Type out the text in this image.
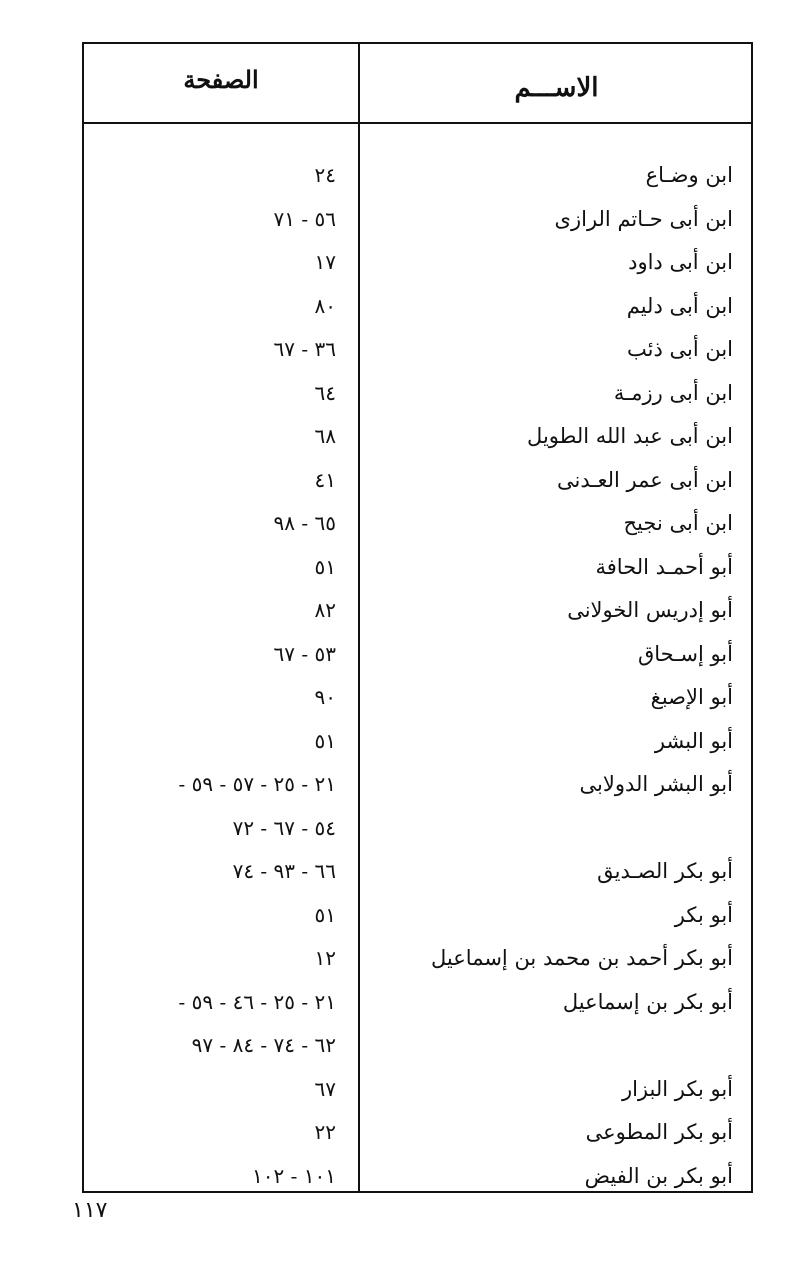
الصفحة	الاســـم
ابن وضـاع
٢٤
ابن أبى حـاتم الرازى
٥٦ - ٧١
ابن أبى داود
١٧
ابن أبى دليم
٨٠
ابن أبى ذئب
٣٦ - ٦٧
ابن أبى رزمـة
٦٤
ابن أبى عبد الله الطويل
٦٨
ابن أبى عمر العـدنى
٤١
ابن أبى نجيح
٦٥ - ٩٨
أبو أحمـد الحافة
٥١
أبو إدريس الخولانى
٨٢
أبو إسـحاق
٥٣ - ٦٧
أبو الإصبغ
٩٠
أبو البشر
٥١
أبو البشر الدولابى
٢١ - ٢٥ - ٥٧ - ٥٩ -
٥٤ - ٦٧ - ٧٢
أبو بكر الصـديق
٦٦ - ٩٣ - ٧٤
أبو بكر
٥١
أبو بكر أحمد بن محمد بن إسماعيل
١٢
أبو بكر بن إسماعيل
٢١ - ٢٥ - ٤٦ - ٥٩ -
٦٢ - ٧٤ - ٨٤ - ٩٧
أبو بكر البزار
٦٧
أبو بكر المطوعى
٢٢
أبو بكر بن الفيض
١٠١ - ١٠٢
١١٧
